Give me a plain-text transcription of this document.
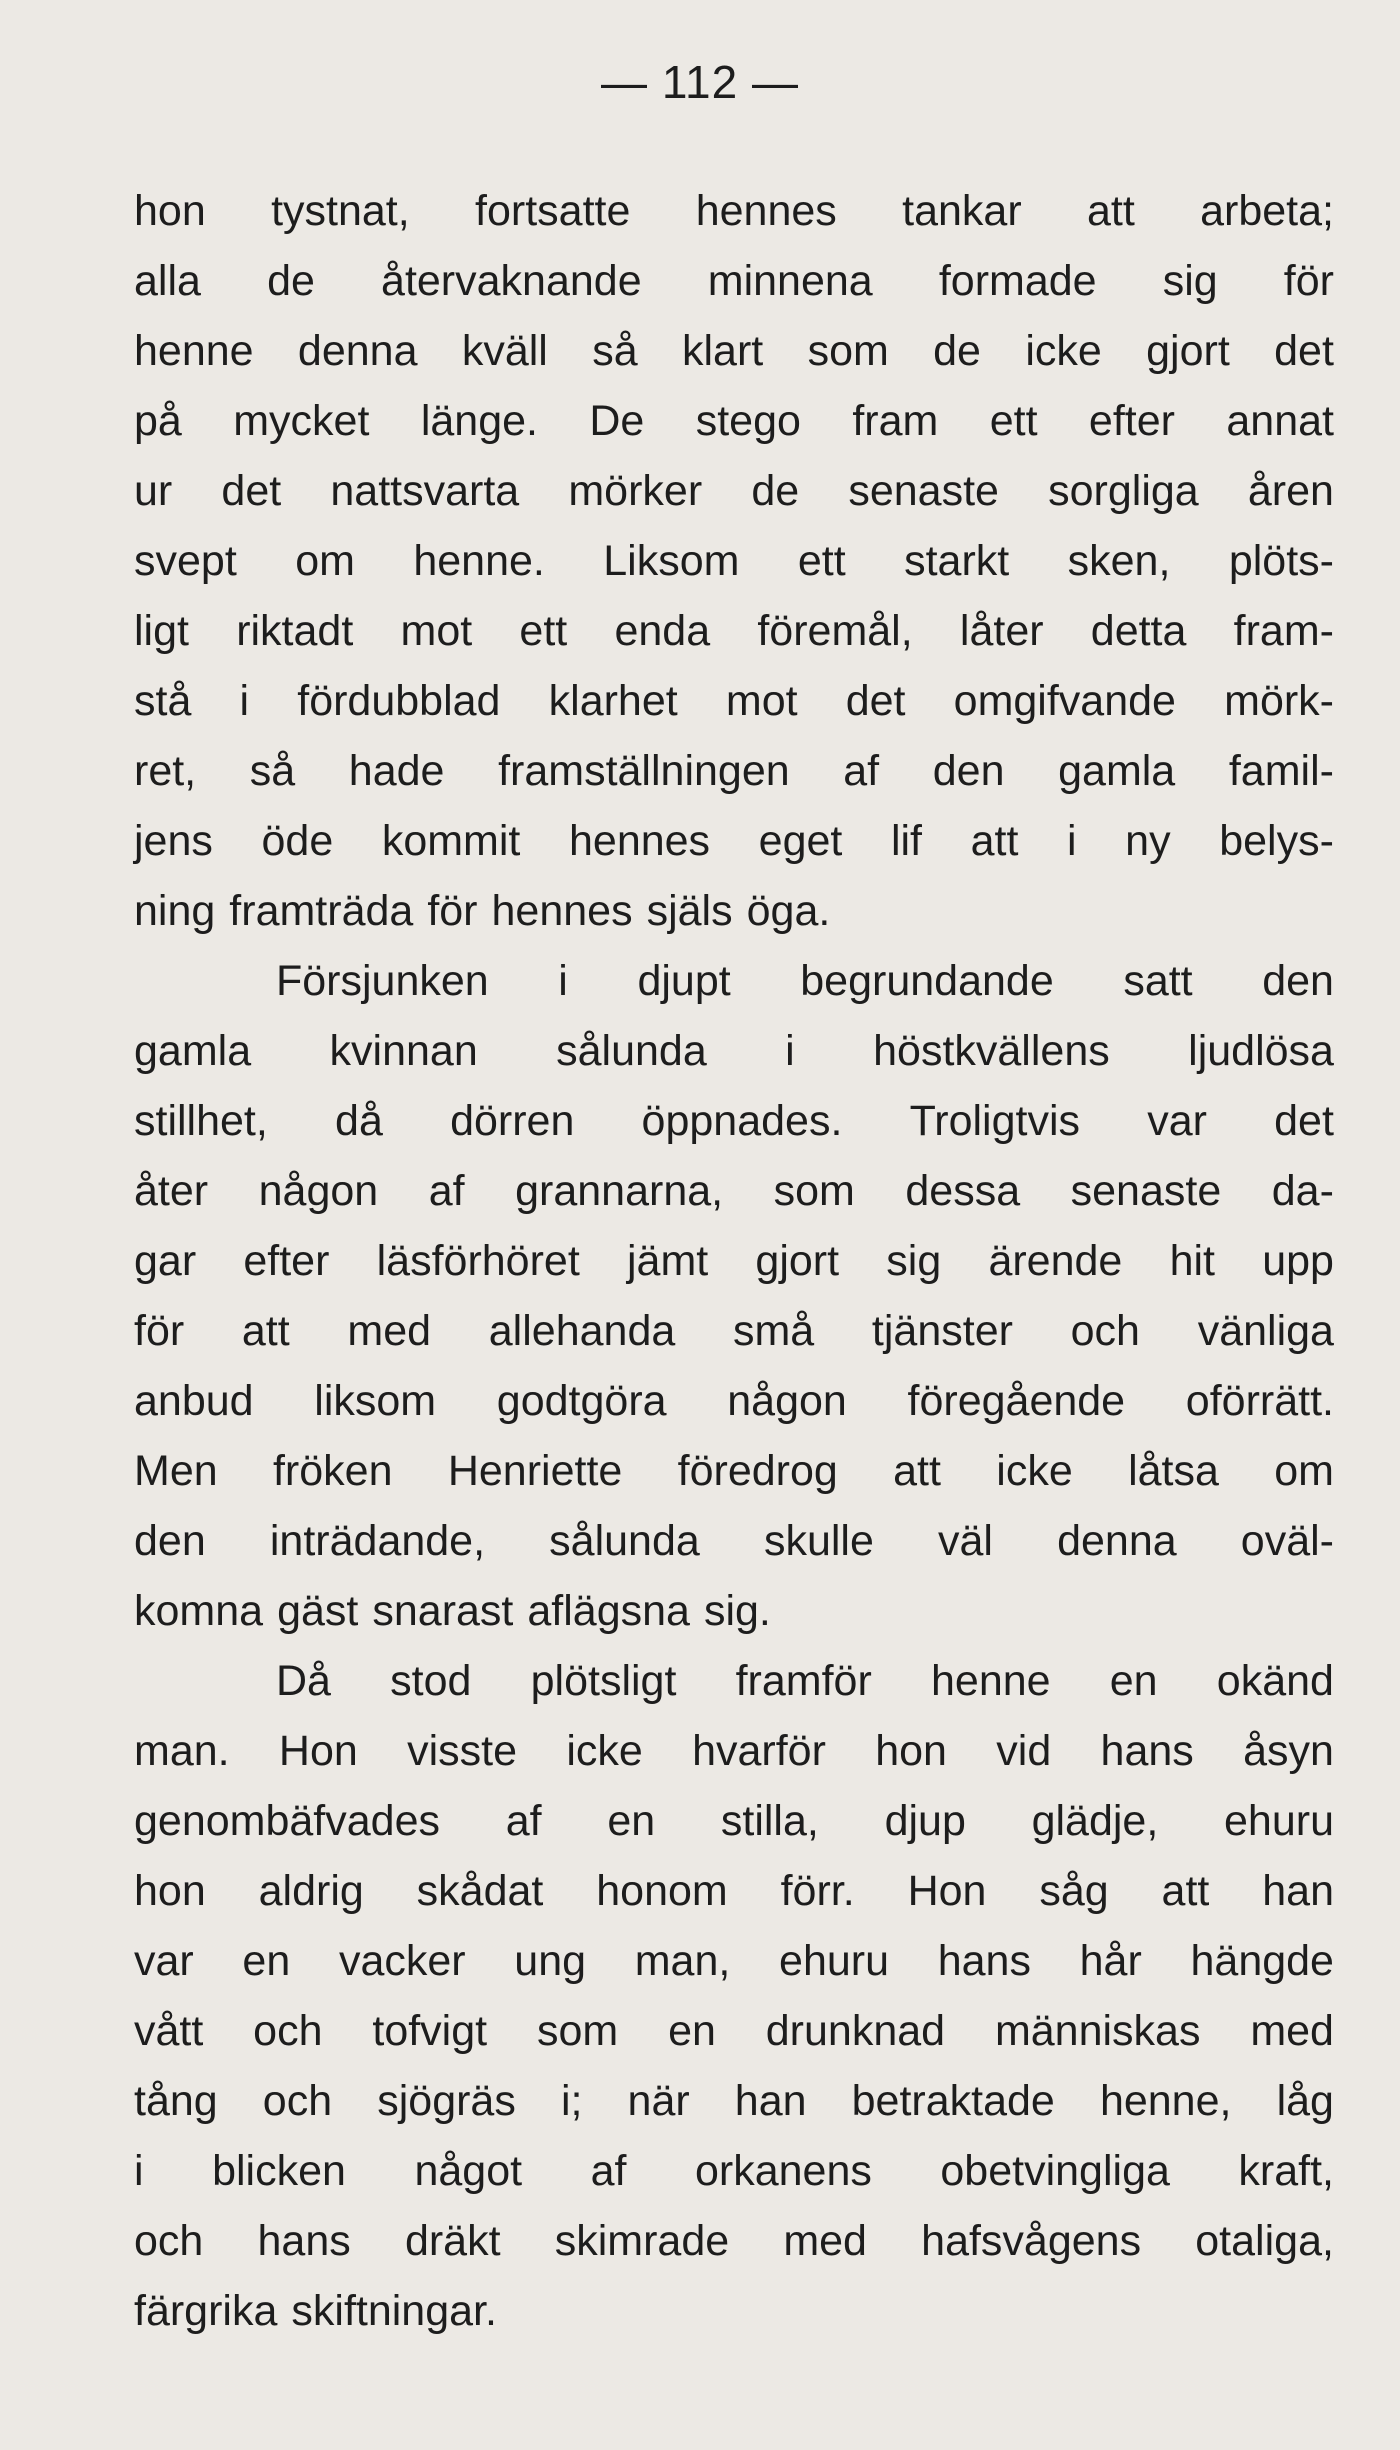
— 112 —
hon tystnat, fortsatte hennes tankar att arbeta;
alla de återvaknande minnena formade sig för
henne denna kväll så klart som de icke gjort det
på mycket länge. De stego fram ett efter annat
ur det nattsvarta mörker de senaste sorgliga åren
svept om henne. Liksom ett starkt sken, plöts-
ligt riktadt mot ett enda föremål, låter detta fram-
stå i fördubblad klarhet mot det omgifvande mörk-
ret, så hade framställningen af den gamla famil-
jens öde kommit hennes eget lif att i ny belys-
ning framträda för hennes själs öga.
Försjunken i djupt begrundande satt den
gamla kvinnan sålunda i höstkvällens ljudlösa
stillhet, då dörren öppnades. Troligtvis var det
åter någon af grannarna, som dessa senaste da-
gar efter läsförhöret jämt gjort sig ärende hit upp
för att med allehanda små tjänster och vänliga
anbud liksom godtgöra någon föregående oförrätt.
Men fröken Henriette föredrog att icke låtsa om
den inträdande, sålunda skulle väl denna oväl-
komna gäst snarast aflägsna sig.
Då stod plötsligt framför henne en okänd
man. Hon visste icke hvarför hon vid hans åsyn
genombäfvades af en stilla, djup glädje, ehuru
hon aldrig skådat honom förr. Hon såg att han
var en vacker ung man, ehuru hans hår hängde
vått och tofvigt som en drunknad människas med
tång och sjögräs i; när han betraktade henne, låg
i blicken något af orkanens obetvingliga kraft,
och hans dräkt skimrade med hafsvågens otaliga,
färgrika skiftningar.
